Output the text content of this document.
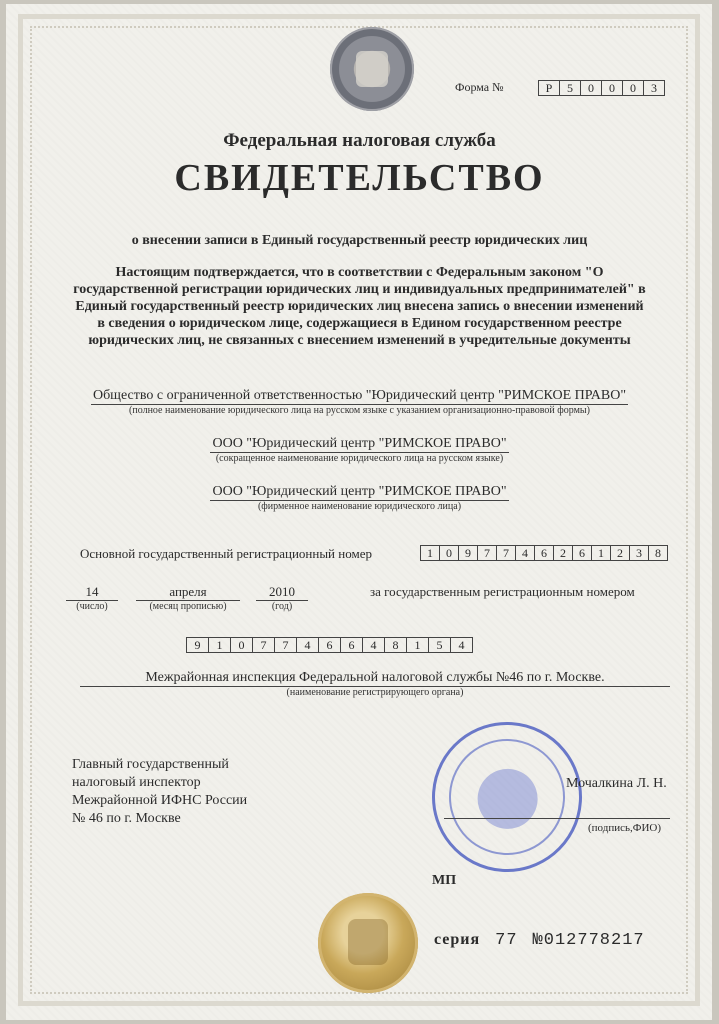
Форма №	Р	5	0	0	0	3
Федеральная налоговая служба
СВИДЕТЕЛЬСТВО
о внесении записи в Единый государственный реестр юридических лиц
Настоящим подтверждается, что в соответствии с Федеральным законом "О государственной регистрации юридических лиц и индивидуальных предпринимателей" в Единый государственный реестр юридических лиц внесена запись о внесении изменений в сведения о юридическом лице, содержащиеся в Едином государственном реестре юридических лиц, не связанных с внесением изменений в учредительные документы
Общество с ограниченной ответственностью "Юридический центр "РИМСКОЕ ПРАВО"
(полное наименование юридического лица на русском языке с указанием организационно-правовой формы)
ООО "Юридический центр "РИМСКОЕ ПРАВО"
(сокращенное наименование юридического лица на русском языке)
ООО "Юридический центр "РИМСКОЕ ПРАВО"
(фирменное наименование юридического лица)
Основной государственный регистрационный номер	1	0	9	7	7	4	6	2	6	1	2	3	8
14
(число)
апреля
(месяц прописью)
2010
(год)
за государственным регистрационным номером
9	1	0	7	7	4	6	6	4	8	1	5	4
Межрайонная инспекция Федеральной налоговой службы №46 по г. Москве.
(наименование регистрирующего органа)
Главный государственный
налоговый инспектор
Межрайонной ИФНС России
№ 46 по г. Москве
Мочалкина Л. Н.
(подпись,ФИО)
МП
серия 77 №012778217
